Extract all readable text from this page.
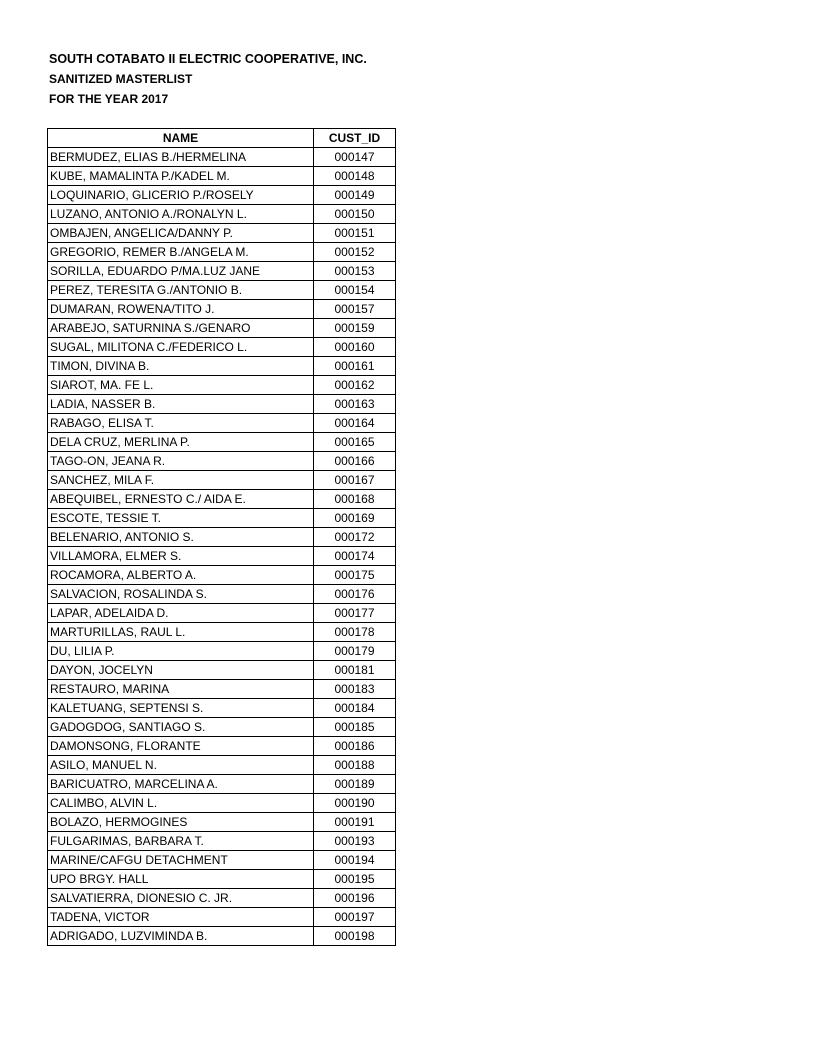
SOUTH COTABATO II ELECTRIC COOPERATIVE, INC.
SANITIZED MASTERLIST
FOR THE YEAR 2017
NAME	CUST_ID
BERMUDEZ, ELIAS B./HERMELINA	000147
KUBE, MAMALINTA P./KADEL M.	000148
LOQUINARIO, GLICERIO P./ROSELY	000149
LUZANO, ANTONIO A./RONALYN L.	000150
OMBAJEN, ANGELICA/DANNY P.	000151
GREGORIO, REMER B./ANGELA M.	000152
SORILLA, EDUARDO P/MA.LUZ JANE	000153
PEREZ, TERESITA G./ANTONIO B.	000154
DUMARAN, ROWENA/TITO J.	000157
ARABEJO, SATURNINA S./GENARO	000159
SUGAL, MILITONA C./FEDERICO L.	000160
TIMON, DIVINA B.	000161
SIAROT, MA. FE L.	000162
LADIA, NASSER B.	000163
RABAGO, ELISA T.	000164
DELA CRUZ, MERLINA P.	000165
TAGO-ON, JEANA R.	000166
SANCHEZ, MILA F.	000167
ABEQUIBEL, ERNESTO C./ AIDA E.	000168
ESCOTE, TESSIE T.	000169
BELENARIO, ANTONIO S.	000172
VILLAMORA, ELMER S.	000174
ROCAMORA, ALBERTO A.	000175
SALVACION, ROSALINDA S.	000176
LAPAR, ADELAIDA D.	000177
MARTURILLAS, RAUL L.	000178
DU, LILIA P.	000179
DAYON, JOCELYN	000181
RESTAURO, MARINA	000183
KALETUANG, SEPTENSI S.	000184
GADOGDOG, SANTIAGO S.	000185
DAMONSONG, FLORANTE	000186
ASILO, MANUEL N.	000188
BARICUATRO, MARCELINA A.	000189
CALIMBO, ALVIN L.	000190
BOLAZO, HERMOGINES	000191
FULGARIMAS, BARBARA T.	000193
MARINE/CAFGU DETACHMENT	000194
UPO BRGY. HALL	000195
SALVATIERRA, DIONESIO C. JR.	000196
TADENA, VICTOR	000197
ADRIGADO, LUZVIMINDA B.	000198
